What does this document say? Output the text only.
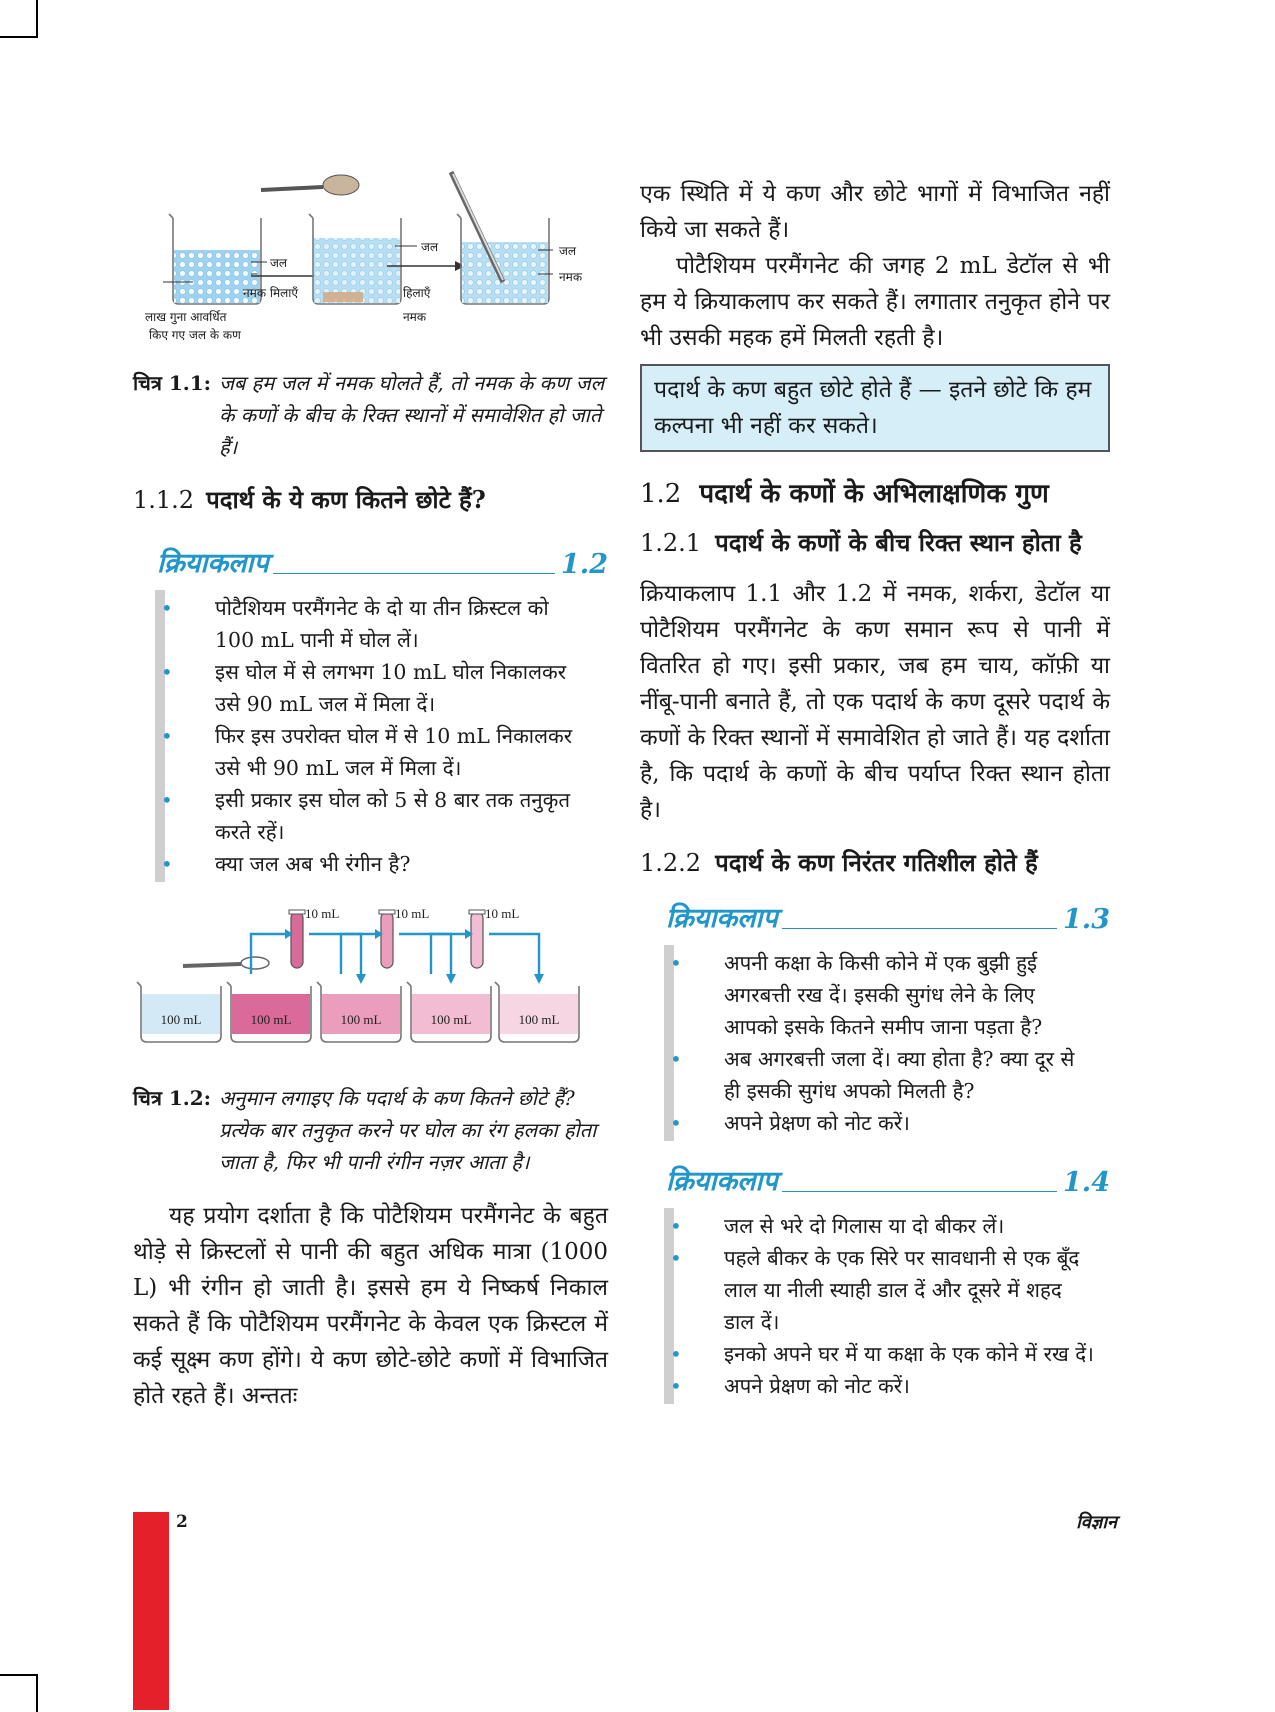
जल
नमक मिलाएँ
लाख गुना आवर्धित
किए गए जल के कण
जल
हिलाएँ
नमक
जल
नमक
चित्र 1.1: जब हम जल में नमक घोलते हैं, तो नमक के कण जल के कणों के बीच के रिक्त स्थानों में समावेशित हो जाते हैं।
1.1.2 पदार्थ के ये कण कितने छोटे हैं?
क्रियाकलाप	1.2
• पोटैशियम परमैंगनेट के दो या तीन क्रिस्टल को 100 mL पानी में घोल लें।
• इस घोल में से लगभग 10 mL घोल निकालकर उसे 90 mL जल में मिला दें।
• फिर इस उपरोक्त घोल में से 10 mL निकालकर उसे भी 90 mL जल में मिला दें।
• इसी प्रकार इस घोल को 5 से 8 बार तक तनुकृत करते रहें।
• क्या जल अब भी रंगीन है?
100 mL	100 mL	100 mL	100 mL	100 mL
10 mL	10 mL	10 mL
चित्र 1.2: अनुमान लगाइए कि पदार्थ के कण कितने छोटे हैं? प्रत्येक बार तनुकृत करने पर घोल का रंग हलका होता जाता है, फिर भी पानी रंगीन नज़र आता है।

यह प्रयोग दर्शाता है कि पोटैशियम परमैंगनेट के बहुत थोड़े से क्रिस्टलों से पानी की बहुत अधिक मात्रा (1000 L) भी रंगीन हो जाती है। इससे हम ये निष्कर्ष निकाल सकते हैं कि पोटैशियम परमैंगनेट के केवल एक क्रिस्टल में कई सूक्ष्म कण होंगे। ये कण छोटे-छोटे कणों में विभाजित होते रहते हैं। अन्ततः

एक स्थिति में ये कण और छोटे भागों में विभाजित नहीं किये जा सकते हैं।

पोटैशियम परमैंगनेट की जगह 2 mL डेटॉल से भी हम ये क्रियाकलाप कर सकते हैं। लगातार तनुकृत होने पर भी उसकी महक हमें मिलती रहती है।

पदार्थ के कण बहुत छोटे होते हैं — इतने छोटे कि हम कल्पना भी नहीं कर सकते।
1.2 पदार्थ के कणों के अभिलाक्षणिक गुण
1.2.1 पदार्थ के कणों के बीच रिक्त स्थान होता है

क्रियाकलाप 1.1 और 1.2 में नमक, शर्करा, डेटॉल या पोटैशियम परमैंगनेट के कण समान रूप से पानी में वितरित हो गए। इसी प्रकार, जब हम चाय, कॉफ़ी या नींबू-पानी बनाते हैं, तो एक पदार्थ के कण दूसरे पदार्थ के कणों के रिक्त स्थानों में समावेशित हो जाते हैं। यह दर्शाता है, कि पदार्थ के कणों के बीच पर्याप्त रिक्त स्थान होता है।

1.2.2 पदार्थ के कण निरंतर गतिशील होते हैं
क्रियाकलाप	1.3
• अपनी कक्षा के किसी कोने में एक बुझी हुई अगरबत्ती रख दें। इसकी सुगंध लेने के लिए आपको इसके कितने समीप जाना पड़ता है?
• अब अगरबत्ती जला दें। क्या होता है? क्या दूर से ही इसकी सुगंध अपको मिलती है?
• अपने प्रेक्षण को नोट करें।
क्रियाकलाप	1.4
• जल से भरे दो गिलास या दो बीकर लें।
• पहले बीकर के एक सिरे पर सावधानी से एक बूँद लाल या नीली स्याही डाल दें और दूसरे में शहद डाल दें।
• इनको अपने घर में या कक्षा के एक कोने में रख दें।
• अपने प्रेक्षण को नोट करें।
2	विज्ञान
